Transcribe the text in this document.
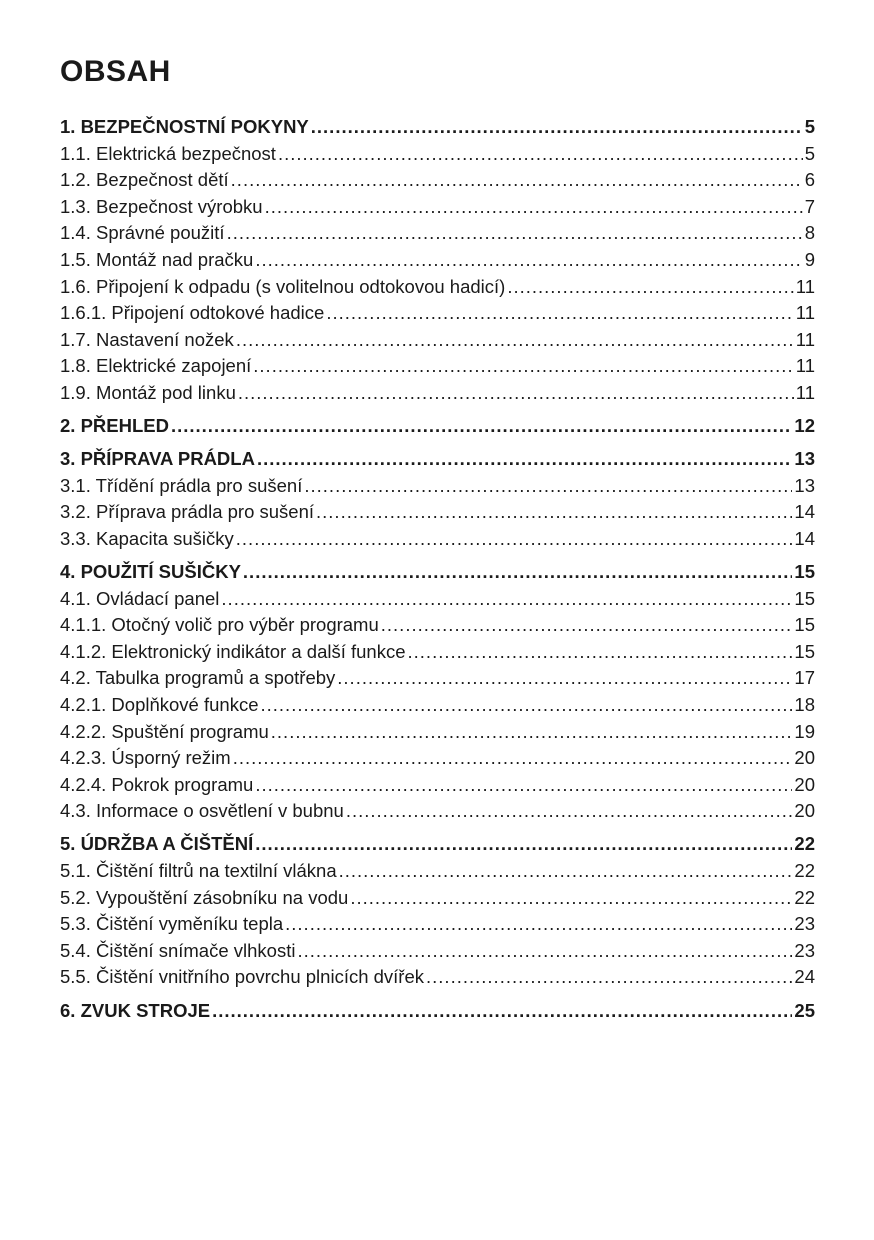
OBSAH
1. BEZPEČNOSTNÍ POKYNY .....	5
1.1. Elektrická bezpečnost .....	5
1.2. Bezpečnost dětí .....	6
1.3. Bezpečnost výrobku .....	7
1.4. Správné použití .....	8
1.5. Montáž nad pračku .....	9
1.6. Připojení k odpadu (s volitelnou odtokovou hadicí) .....	11
1.6.1. Připojení odtokové hadice .....	11
1.7. Nastavení nožek .....	11
1.8. Elektrické zapojení .....	11
1.9. Montáž pod linku .....	11
2. PŘEHLED .....	12
3. PŘÍPRAVA PRÁDLA .....	13
3.1. Třídění prádla pro sušení .....	13
3.2. Příprava prádla pro sušení .....	14
3.3. Kapacita sušičky .....	14
4. POUŽITÍ SUŠIČKY .....	15
4.1. Ovládací panel .....	15
4.1.1. Otočný volič pro výběr programu .....	15
4.1.2. Elektronický indikátor a další funkce .....	15
4.2. Tabulka programů a spotřeby .....	17
4.2.1. Doplňkové funkce .....	18
4.2.2. Spuštění programu .....	19
4.2.3. Úsporný režim .....	20
4.2.4. Pokrok programu .....	20
4.3. Informace o osvětlení v bubnu .....	20
5. ÚDRŽBA A ČIŠTĚNÍ .....	22
5.1. Čištění filtrů na textilní vlákna .....	22
5.2. Vypouštění zásobníku na vodu .....	22
5.3. Čištění vyměníku tepla .....	23
5.4. Čištění snímače vlhkosti .....	23
5.5. Čištění vnitřního povrchu plnicích dvířek .....	24
6. ZVUK STROJE .....	25
